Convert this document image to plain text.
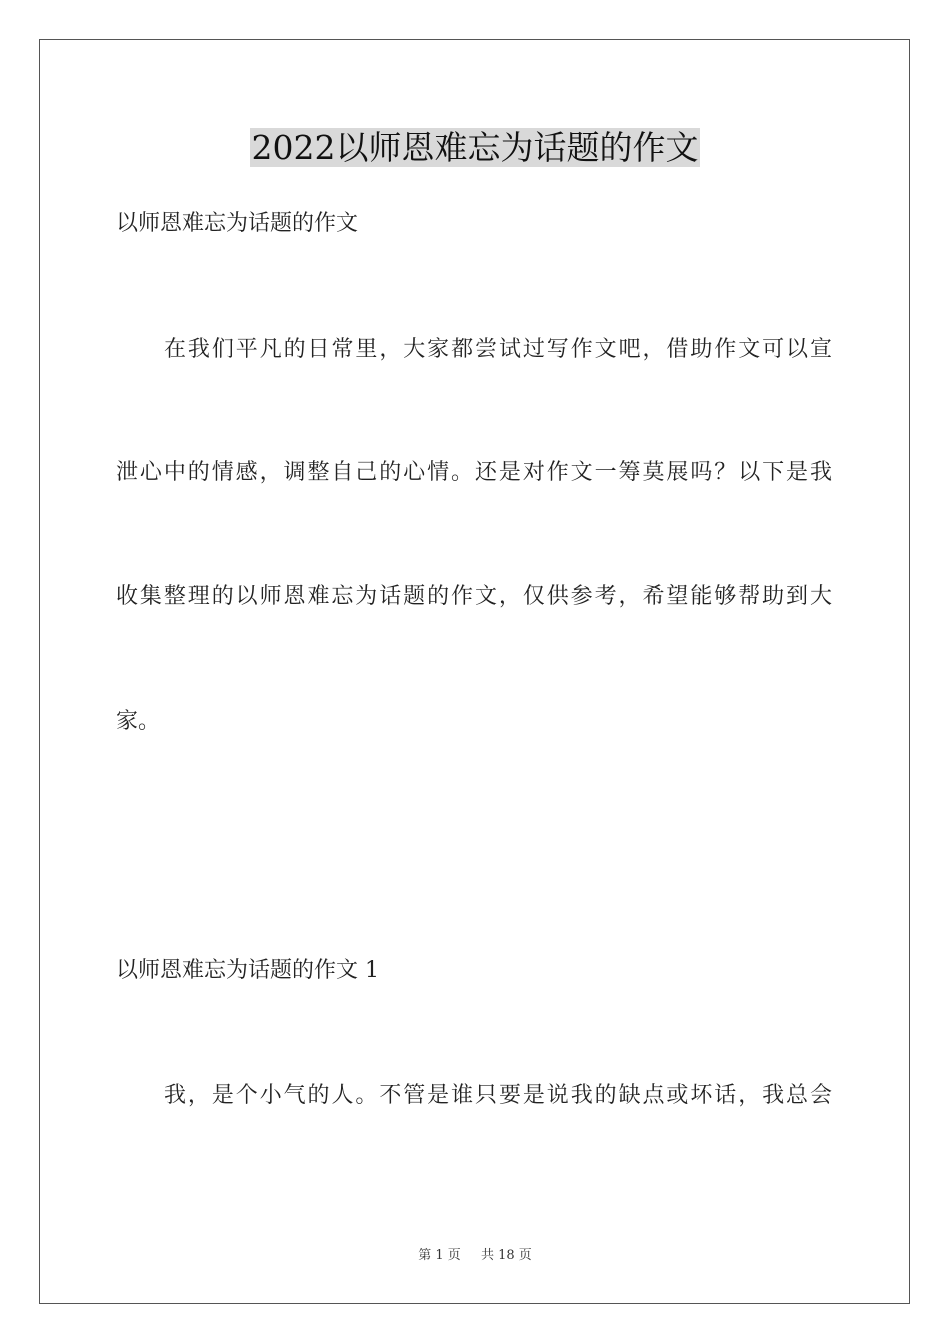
2022以师恩难忘为话题的作文
以师恩难忘为话题的作文
在我们平凡的日常里，大家都尝试过写作文吧，借助作文可以宣
泄心中的情感，调整自己的心情。还是对作文一筹莫展吗？以下是我
收集整理的以师恩难忘为话题的作文，仅供参考，希望能够帮助到大
家。
以师恩难忘为话题的作文 1
我，是个小气的人。不管是谁只要是说我的缺点或坏话，我总会
第 1 页 共 18 页
